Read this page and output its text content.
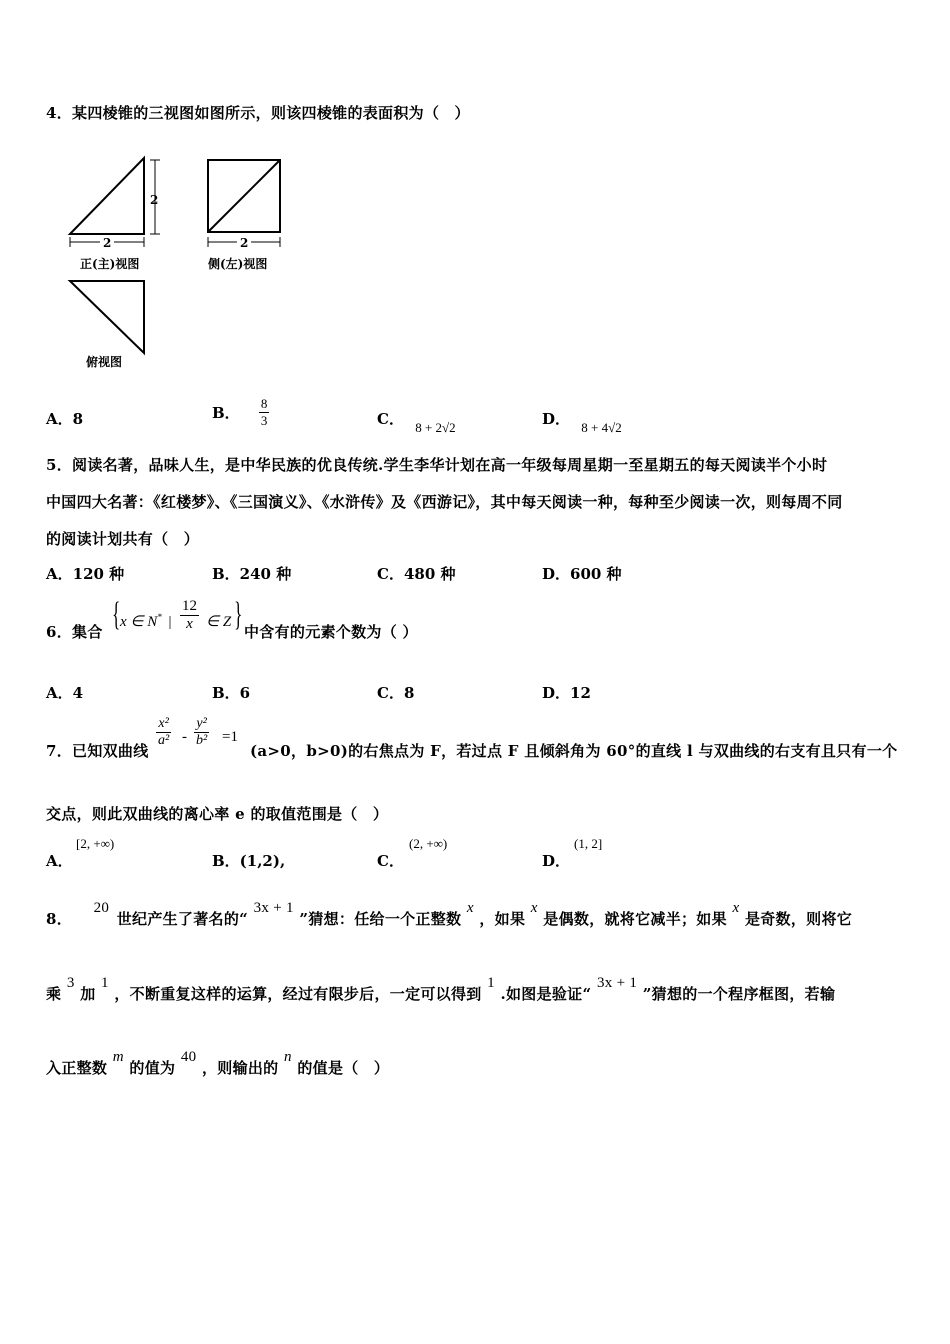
4．某四棱锥的三视图如图所示，则该四棱锥的表面积为（　）
2
2
正(主)视图
2
侧(左)视图
俯视图
A．8	B． $\frac{8}{3}$	C． 8 + 2√2	D． 8 + 4√2
5．阅读名著，品味人生，是中华民族的优良传统.学生李华计划在高一年级每周星期一至星期五的每天阅读半个小时
中国四大名著：《红楼梦》、《三国演义》、《水浒传》及《西游记》，其中每天阅读一种，每种至少阅读一次，则每周不同
的阅读计划共有（　）
A．120 种	B．240 种	C．480 种	D．600 种
6．集合 { x ∈ N* | $\frac{12}{x}$ ∈ Z } 中含有的元素个数为（ ）
A．4	B．6	C．8	D．12
7．已知双曲线
$\frac{\text{x²}}{\text{a²}} - \frac{\text{y²}}{\text{b²}} =1$
(a>0，b>0)的右焦点为 F，若过点 F 且倾斜角为 60°的直线 l 与双曲线的右支有且只有一个
交点，则此双曲线的离心率 e 的取值范围是（　）
A．
[2, +∞)
B．(1,2),	C．
(2, +∞)
D．
(1, 2]
8． 20 世纪产生了著名的“ 3x + 1 ”猜想：任给一个正整数 x ，如果 x 是偶数，就将它减半；如果 x 是奇数，则将它
乘 3 加 1 ，不断重复这样的运算，经过有限步后，一定可以得到 1 .如图是验证“ 3x + 1 ”猜想的一个程序框图，若输
入正整数 m 的值为 40 ，则输出的 n 的值是（　）
